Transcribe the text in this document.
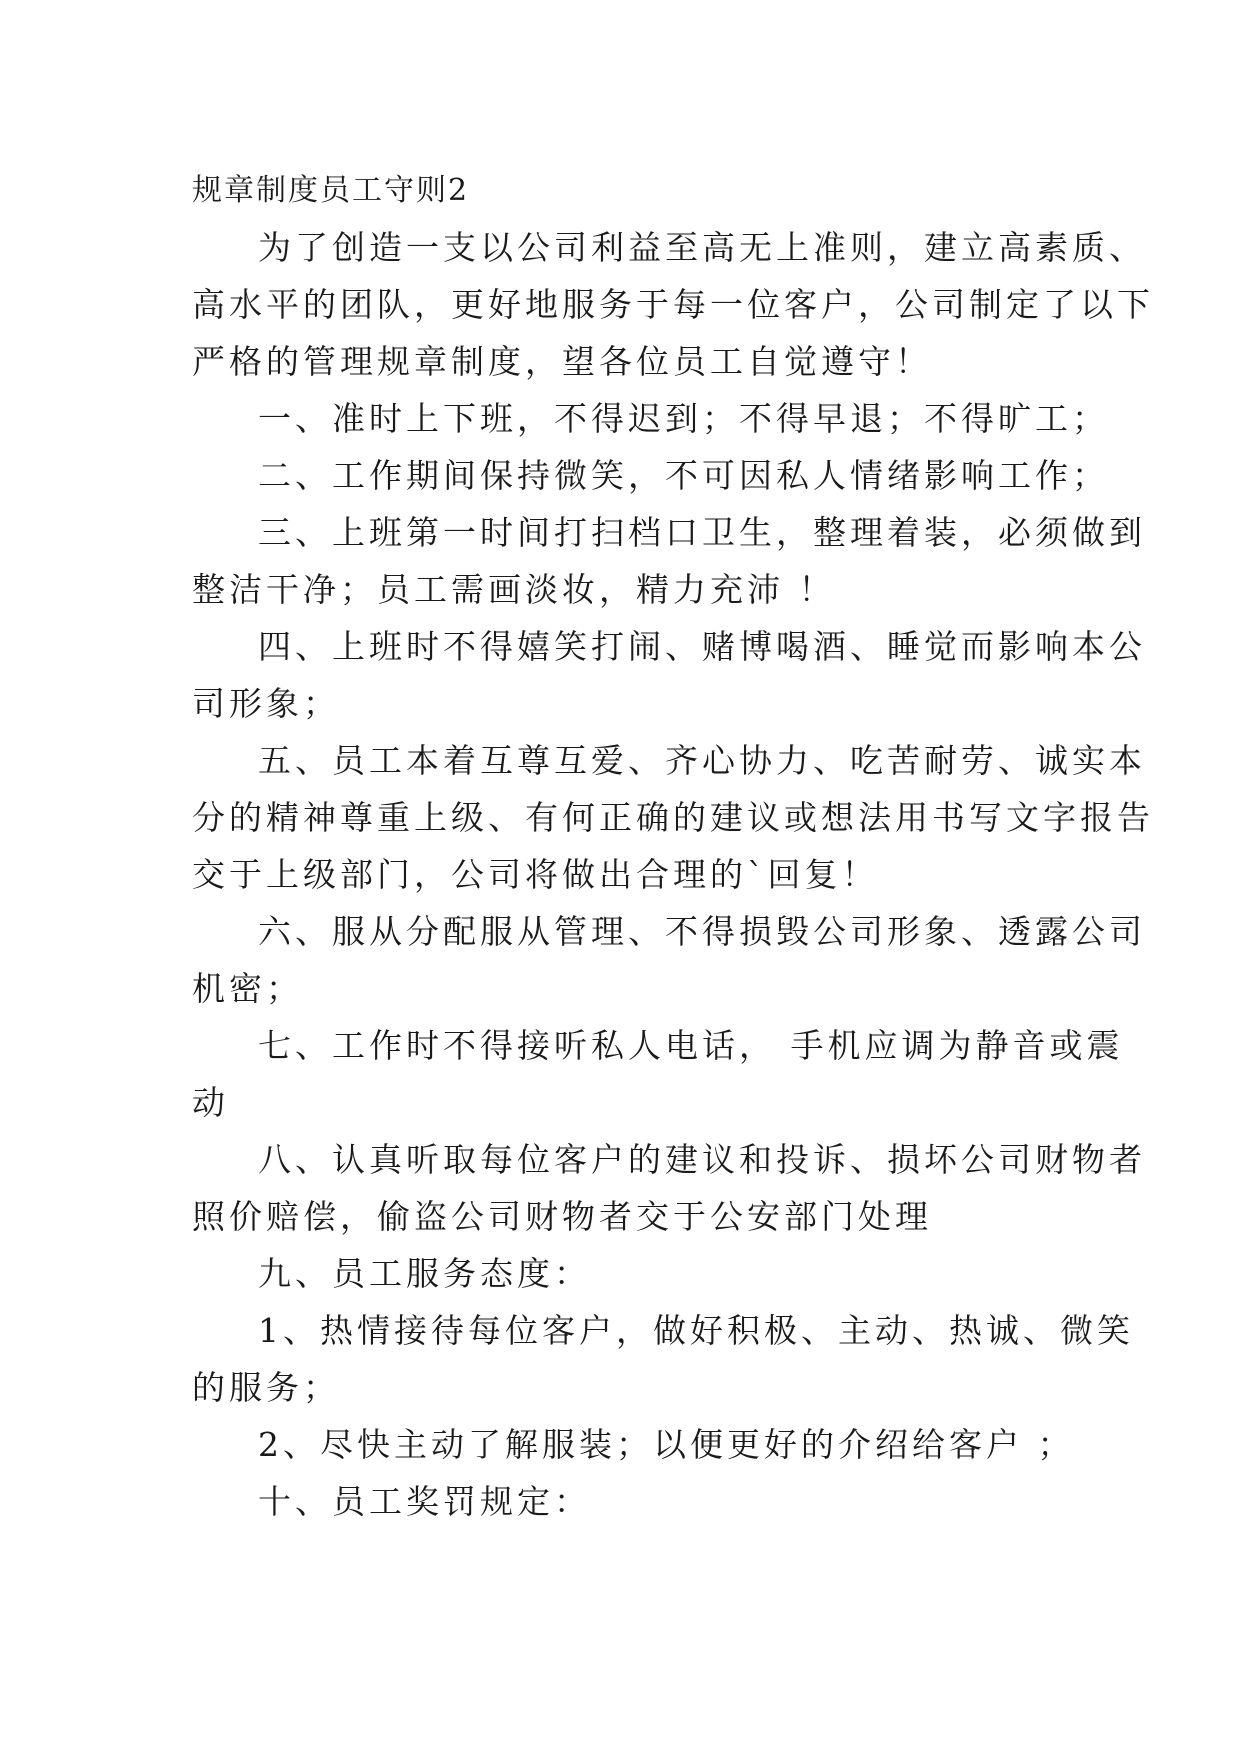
规章制度员工守则2
为了创造一支以公司利益至高无上准则，建立高素质、
高水平的团队，更好地服务于每一位客户，公司制定了以下
严格的管理规章制度，望各位员工自觉遵守！
一、准时上下班，不得迟到；不得早退；不得旷工；
二、工作期间保持微笑，不可因私人情绪影响工作；
三、上班第一时间打扫档口卫生，整理着装，必须做到
整洁干净；员工需画淡妆，精力充沛 ！
四、上班时不得嬉笑打闹、赌博喝酒、睡觉而影响本公
司形象；
五、员工本着互尊互爱、齐心协力、吃苦耐劳、诚实本
分的精神尊重上级、有何正确的建议或想法用书写文字报告
交于上级部门，公司将做出合理的`回复！
六、服从分配服从管理、不得损毁公司形象、透露公司
机密；
七、工作时不得接听私人电话， 手机应调为静音或震
动
八、认真听取每位客户的建议和投诉、损坏公司财物者
照价赔偿，偷盗公司财物者交于公安部门处理
九、员工服务态度：
1、热情接待每位客户，做好积极、主动、热诚、微笑
的服务；
2、尽快主动了解服装；以便更好的介绍给客户 ；
十、员工奖罚规定：
